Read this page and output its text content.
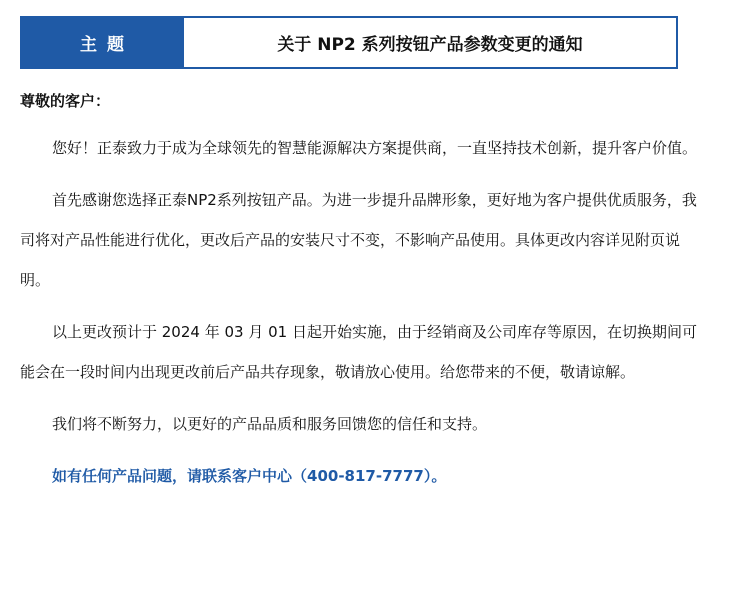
主 题	关于 NP2 系列按钮产品参数变更的通知

尊敬的客户：

您好！正泰致力于成为全球领先的智慧能源解决方案提供商，一直坚持技术创新，提升客户价值。

首先感谢您选择正泰NP2系列按钮产品。为进一步提升品牌形象，更好地为客户提供优质服务，我司将对产品性能进行优化，更改后产品的安装尺寸不变，不影响产品使用。具体更改内容详见附页说明。

以上更改预计于 2024 年 03 月 01 日起开始实施，由于经销商及公司库存等原因，在切换期间可能会在一段时间内出现更改前后产品共存现象，敬请放心使用。给您带来的不便，敬请谅解。

我们将不断努力，以更好的产品品质和服务回馈您的信任和支持。

如有任何产品问题，请联系客户中心（400-817-7777）。
